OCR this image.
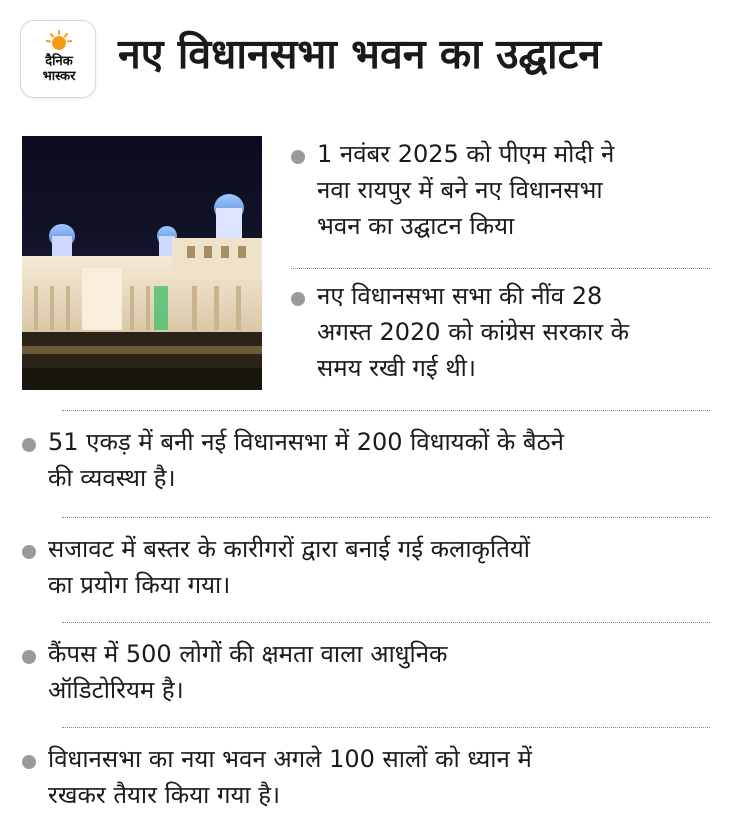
दैनिक
भास्कर नए विधानसभा भवन का उद्घाटन
1 नवंबर 2025 को पीएम मोदी ने
नवा रायपुर में बने नए विधानसभा
भवन का उद्घाटन किया
नए विधानसभा सभा की नींव 28
अगस्त 2020 को कांग्रेस सरकार के
समय रखी गई थी।
51 एकड़ में बनी नई विधानसभा में 200 विधायकों के बैठने
की व्यवस्था है।
सजावट में बस्तर के कारीगरों द्वारा बनाई गई कलाकृतियों
का प्रयोग किया गया।
कैंपस में 500 लोगों की क्षमता वाला आधुनिक
ऑडिटोरियम है।
विधानसभा का नया भवन अगले 100 सालों को ध्यान में
रखकर तैयार किया गया है।
